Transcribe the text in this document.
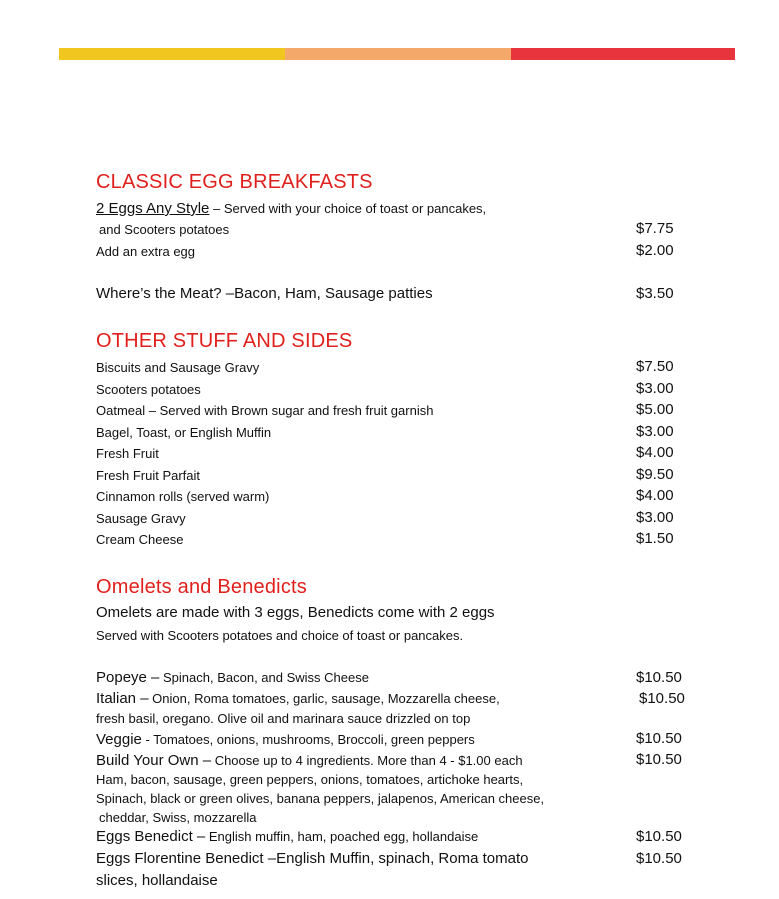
CLASSIC EGG BREAKFASTS
2 Eggs Any Style – Served with your choice of toast or pancakes,
and Scooters potatoes	$7.75
Add an extra egg	$2.00
Where’s the Meat? –Bacon, Ham, Sausage patties	$3.50
OTHER STUFF AND SIDES
Biscuits and Sausage Gravy	$7.50
Scooters potatoes	$3.00
Oatmeal – Served with Brown sugar and fresh fruit garnish	$5.00
Bagel, Toast, or English Muffin	$3.00
Fresh Fruit	$4.00
Fresh Fruit Parfait	$9.50
Cinnamon rolls (served warm)	$4.00
Sausage Gravy	$3.00
Cream Cheese	$1.50
Omelets and Benedicts
Omelets are made with 3 eggs, Benedicts come with 2 eggs
Served with Scooters potatoes and choice of toast or pancakes.
Popeye – Spinach, Bacon, and Swiss Cheese	$10.50
Italian – Onion, Roma tomatoes, garlic, sausage, Mozzarella cheese,	$10.50
fresh basil, oregano. Olive oil and marinara sauce drizzled on top
Veggie - Tomatoes, onions, mushrooms, Broccoli, green peppers	$10.50
Build Your Own – Choose up to 4 ingredients. More than 4 - $1.00 each	$10.50
Ham, bacon, sausage, green peppers, onions, tomatoes, artichoke hearts,
Spinach, black or green olives, banana peppers, jalapenos, American cheese,
cheddar, Swiss, mozzarella
Eggs Benedict – English muffin, ham, poached egg, hollandaise	$10.50
Eggs Florentine Benedict –English Muffin, spinach, Roma tomato	$10.50
slices, hollandaise
